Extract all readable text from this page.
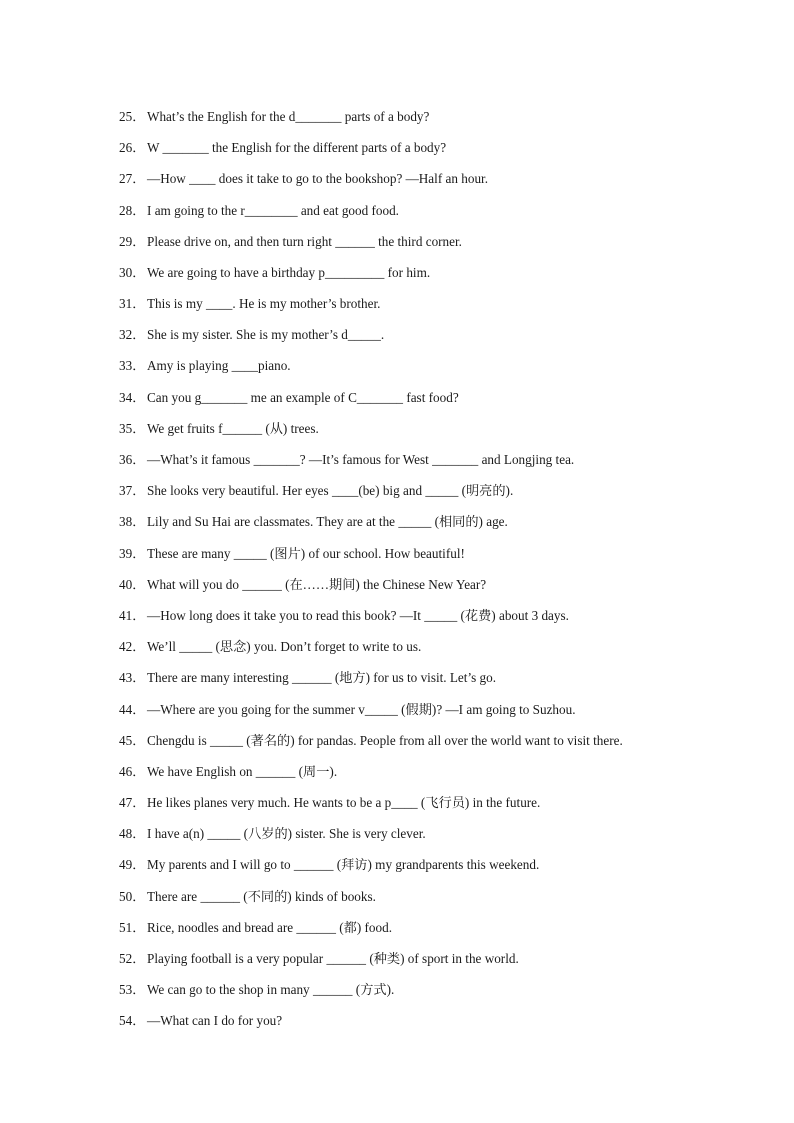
25． What’s the English for the d_______ parts of a body?
26． W _______ the English for the different parts of a body?
27． —How ____ does it take to go to the bookshop? —Half an hour.
28． I am going to the r________ and eat good food.
29． Please drive on, and then turn right ______ the third corner.
30． We are going to have a birthday p_________ for him.
31． This is my ____. He is my mother’s brother.
32． She is my sister. She is my mother’s d_____.
33． Amy is playing ____piano.
34． Can you g_______ me an example of C_______ fast food?
35． We get fruits f______ (从) trees.
36． —What’s it famous _______? —It’s famous for West _______ and Longjing tea.
37． She looks very beautiful. Her eyes ____(be) big and _____ (明亮的).
38． Lily and Su Hai are classmates. They are at the _____ (相同的) age.
39． These are many _____ (图片) of our school. How beautiful!
40． What will you do ______ (在……期间) the Chinese New Year?
41． —How long does it take you to read this book? —It _____ (花费) about 3 days.
42． We’ll _____ (思念) you. Don’t forget to write to us.
43． There are many interesting ______ (地方) for us to visit. Let’s go.
44． —Where are you going for the summer v_____ (假期)? —I am going to Suzhou.
45． Chengdu is _____ (著名的) for pandas. People from all over the world want to visit there.
46． We have English on ______ (周一).
47． He likes planes very much. He wants to be a p____ (飞行员) in the future.
48． I have a(n) _____ (八岁的) sister. She is very clever.
49． My parents and I will go to ______ (拜访) my grandparents this weekend.
50． There are ______ (不同的) kinds of books.
51． Rice, noodles and bread are ______ (都) food.
52． Playing football is a very popular ______ (种类) of sport in the world.
53． We can go to the shop in many ______ (方式).
54． —What can I do for you?
